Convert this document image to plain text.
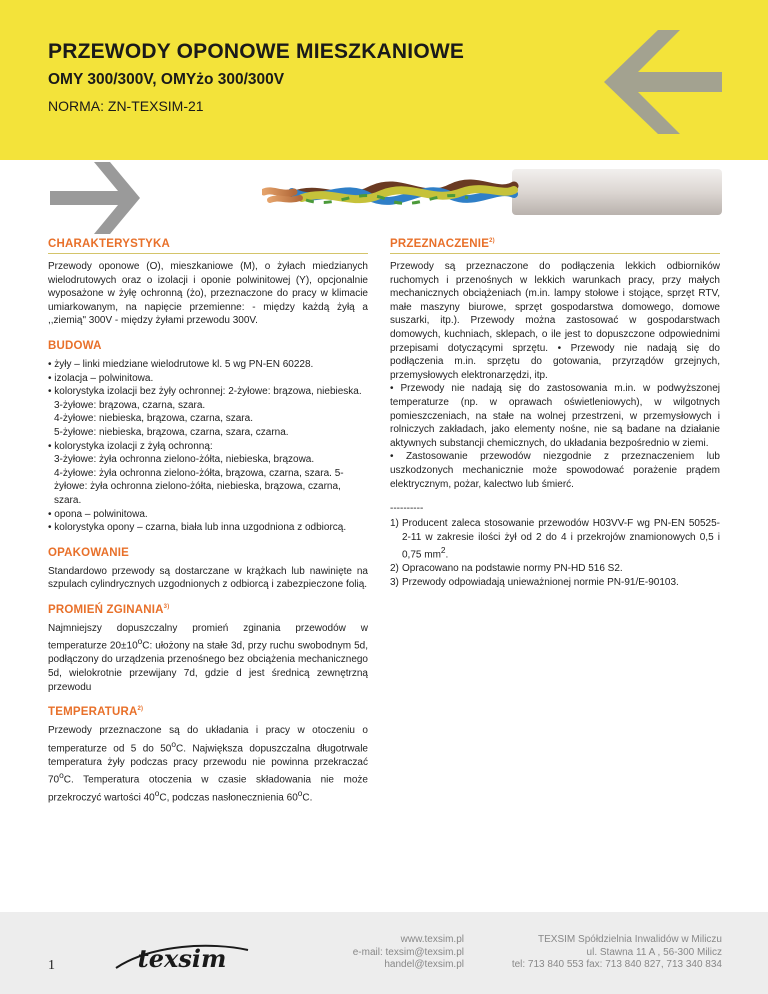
PRZEWODY OPONOWE MIESZKANIOWE
OMY 300/300V, OMYżo 300/300V
NORMA: ZN-TEXSIM-21
CHARAKTERYSTYKA

Przewody oponowe (O), mieszkaniowe (M), o żyłach miedzianych wielodrutowych oraz o izolacji i oponie polwinitowej (Y), opcjonalnie wyposażone w żyłę ochronną (żo), przeznaczone do pracy w klimacie umiarkowanym, na napięcie przemienne: - między każdą żyłą a ,,ziemią" 300V - między żyłami przewodu 300V.

BUDOWA

• żyły – linki miedziane wielodrutowe kl. 5 wg PN-EN 60228.

• izolacja – polwinitowa.

• kolorystyka izolacji bez żyły ochronnej: 2-żyłowe: brązowa, niebieska.

3-żyłowe: brązowa, czarna, szara.

4-żyłowe: niebieska, brązowa, czarna, szara.

5-żyłowe: niebieska, brązowa, czarna, szara, czarna.

• kolorystyka izolacji z żyłą ochronną:

3-żyłowe: żyła ochronna zielono-żółta, niebieska, brązowa.

4-żyłowe: żyła ochronna zielono-żółta, brązowa, czarna, szara. 5-żyłowe: żyła ochronna zielono-żółta, niebieska, brązowa, czarna, szara.

• opona – polwinitowa.

• kolorystyka opony – czarna, biała lub inna uzgodniona z odbiorcą.

OPAKOWANIE

Standardowo przewody są dostarczane w krążkach lub nawinięte na szpulach cylindrycznych uzgodnionych z odbiorcą i zabezpieczone folią.

PROMIEŃ ZGINANIA$^{3)}$

Najmniejszy dopuszczalny promień zginania przewodów w temperaturze $20\pm 10^oC$: ułożony na stałe 3d, przy ruchu swobodnym 5d, podłączony do urządzenia przenośnego bez obciążenia mechanicznego 5d, wielokrotnie przewijany 7d, gdzie d jest średnicą zewnętrzną przewodu

TEMPERATURA$^{2)}$

Przewody przeznaczone są do układania i pracy w otoczeniu o temperaturze od 5 do 50$^o$C. Największa dopuszczalna długotrwale temperatura żyły podczas pracy przewodu nie powinna przekraczać 70$^o$C. Temperatura otoczenia w czasie składowania nie może przekroczyć wartości 40$^o$C, podczas nasłonecznienia 60$^o$C.

PRZEZNACZENIE$^{2)}$

Przewody są przeznaczone do podłączenia lekkich odbiorników ruchomych i przenośnych w lekkich warunkach pracy, przy małych mechanicznych obciążeniach (m.in. lampy stołowe i stojące, sprzęt RTV, małe maszyny biurowe, sprzęt gospodarstwa domowego, domowe suszarki, itp.). Przewody można zastosować w gospodarstwach domowych, kuchniach, sklepach, o ile jest to dopuszczone odpowiednimi przepisami dotyczącymi sprzętu. • Przewody nie nadają się do podłączenia m.in. sprzętu do gotowania, przyrządów grzejnych, przemysłowych elektronarzędzi, itp.

• Przewody nie nadają się do zastosowania m.in. w podwyższonej temperaturze (np. w oprawach oświetleniowych), w wilgotnych pomieszczeniach, na stałe na wolnej przestrzeni, w przemysłowych i rolniczych zakładach, jako elementy nośne, nie są badane na działanie aktywnych substancji chemicznych, do układania bezpośrednio w ziemi.

• Zastosowanie przewodów niezgodnie z przeznaczeniem lub uszkodzonych mechanicznie może spowodować porażenie prądem elektrycznym, pożar, kalectwo lub śmierć.

----------
1) Producent zaleca stosowanie przewodów H03VV-F wg PN-EN 50525-2-11 w zakresie ilości żył od 2 do 4 i przekrojów znamionowych 0,5 i 0,75 $mm^2$.
2) Opracowano na podstawie normy PN-HD 516 S2.
3) Przewody odpowiadają unieważnionej normie PN-91/E-90103.
1	texsim
www.texsim.pl
e-mail: texsim@texsim.pl
handel@texsim.pl
TEXSIM Spółdzielnia Inwalidów w Miliczu
ul. Stawna 11 A , 56-300 Milicz
tel: 713 840 553 fax: 713 840 827, 713 340 834
